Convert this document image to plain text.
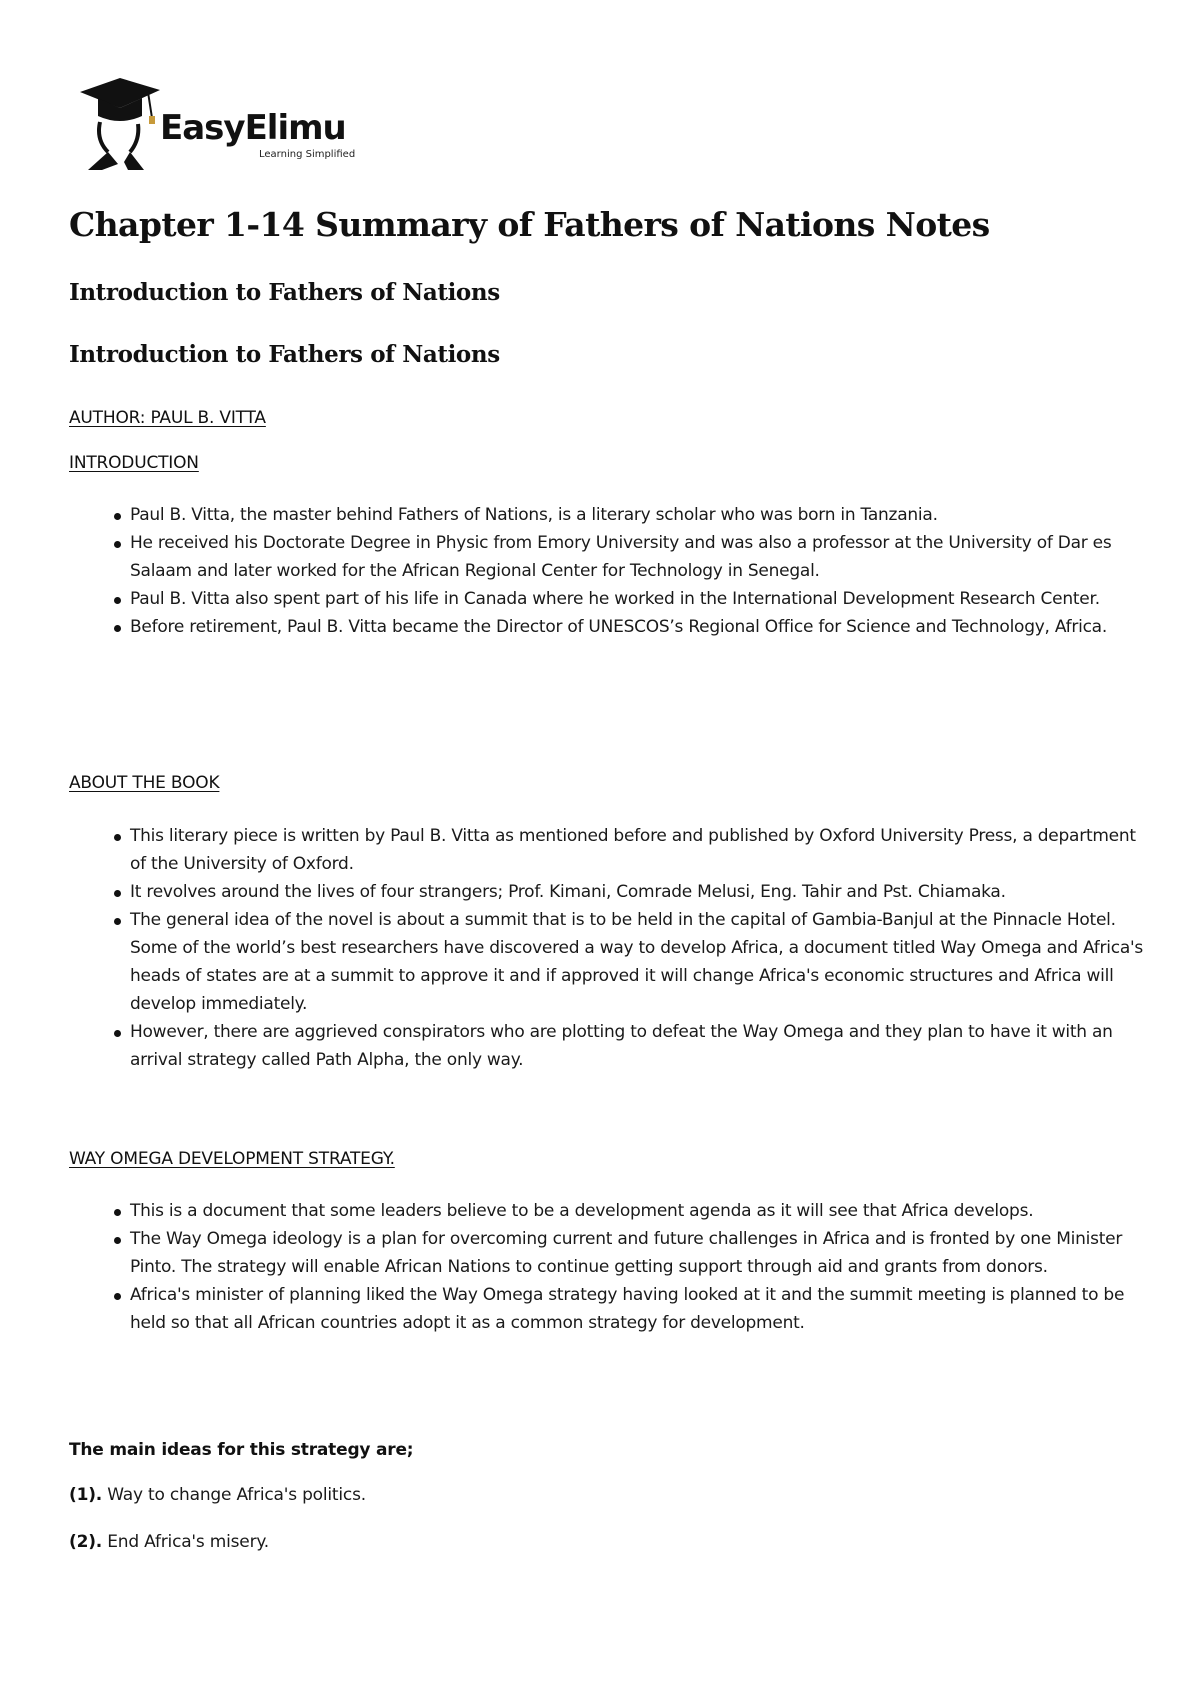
EasyElimu
Learning Simplified
Chapter 1-14 Summary of Fathers of Nations Notes
Introduction to Fathers of Nations
Introduction to Fathers of Nations
AUTHOR: PAUL B. VITTA
INTRODUCTION
Paul B. Vitta, the master behind Fathers of Nations, is a literary scholar who was born in Tanzania.
He received his Doctorate Degree in Physic from Emory University and was also a professor at the University of Dar es Salaam and later worked for the African Regional Center for Technology in Senegal.
Paul B. Vitta also spent part of his life in Canada where he worked in the International Development Research Center.
Before retirement, Paul B. Vitta became the Director of UNESCOS’s Regional Office for Science and Technology, Africa.
ABOUT THE BOOK
This literary piece is written by Paul B. Vitta as mentioned before and published by Oxford University Press, a department of the University of Oxford.
It revolves around the lives of four strangers; Prof. Kimani, Comrade Melusi, Eng. Tahir and Pst. Chiamaka.
The general idea of the novel is about a summit that is to be held in the capital of Gambia-Banjul at the Pinnacle Hotel. Some of the world’s best researchers have discovered a way to develop Africa, a document titled Way Omega and Africa's heads of states are at a summit to approve it and if approved it will change Africa's economic structures and Africa will develop immediately.
However, there are aggrieved conspirators who are plotting to defeat the Way Omega and they plan to have it with an arrival strategy called Path Alpha, the only way.
WAY OMEGA DEVELOPMENT STRATEGY.
This is a document that some leaders believe to be a development agenda as it will see that Africa develops.
The Way Omega ideology is a plan for overcoming current and future challenges in Africa and is fronted by one Minister Pinto. The strategy will enable African Nations to continue getting support through aid and grants from donors.
Africa's minister of planning liked the Way Omega strategy having looked at it and the summit meeting is planned to be held so that all African countries adopt it as a common strategy for development.
The main ideas for this strategy are;
(1). Way to change Africa's politics.
(2). End Africa's misery.
